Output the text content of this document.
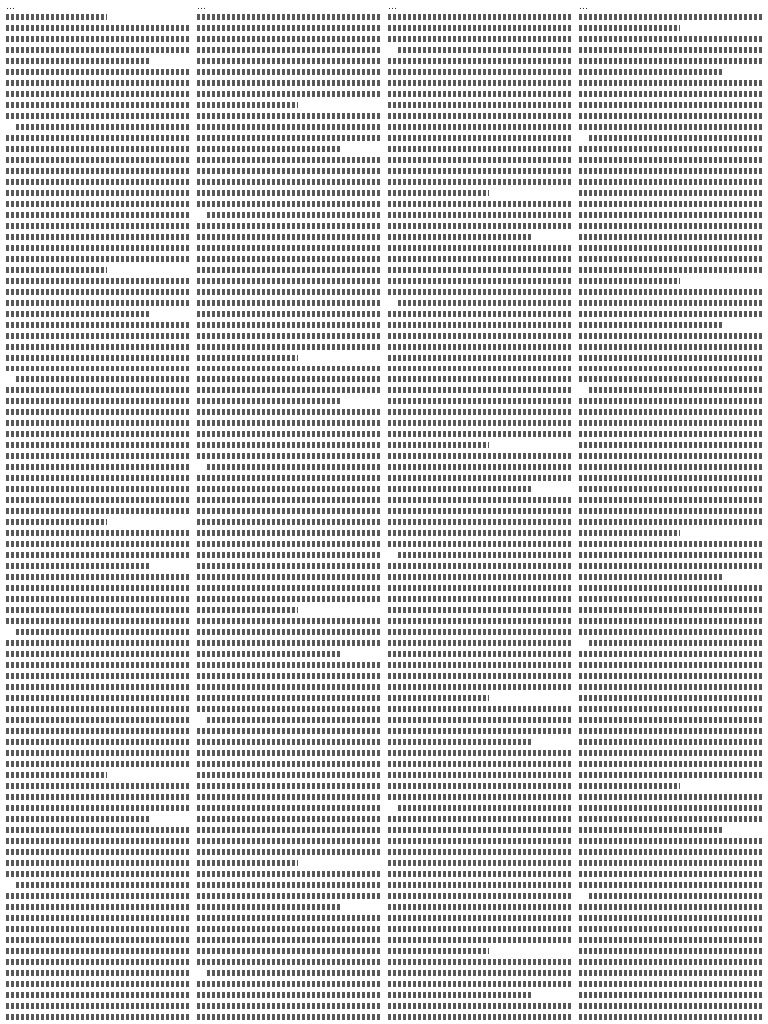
…	…	…	…
